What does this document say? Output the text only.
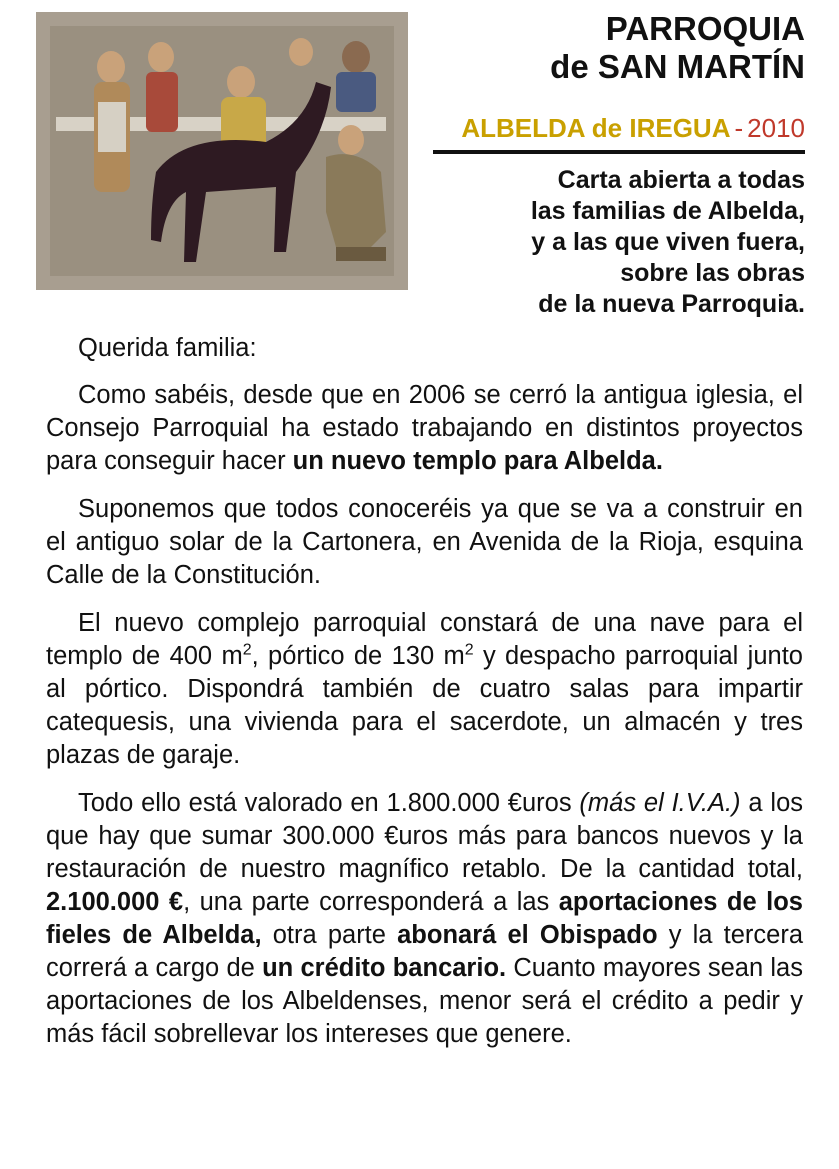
PARROQUIA
de SAN MARTÍN
ALBELDA de IREGUA - 2010
Carta abierta a todas
las familias de Albelda,
y a las que viven fuera,
sobre las obras
de la nueva Parroquia.

Querida familia:

Como sabéis, desde que en 2006 se cerró la antigua iglesia, el Consejo Parroquial ha estado trabajando en distintos proyectos para conseguir hacer un nuevo templo para Albelda.

Suponemos que todos conoceréis ya que se va a construir en el antiguo solar de la Cartonera, en Avenida de la Rioja, esquina Calle de la Constitución.

El nuevo complejo parroquial constará de una nave para el templo de 400 $m^2$, pórtico de 130 $m^2$ y despacho parroquial junto al pórtico. Dispondrá también de cuatro salas para impartir catequesis, una vivienda para el sacerdote, un almacén y tres plazas de garaje.

Todo ello está valorado en 1.800.000 €uros (más el I.V.A.) a los que hay que sumar 300.000 €uros más para bancos nuevos y la restauración de nuestro magnífico retablo. De la cantidad total, 2.100.000 €, una parte corresponderá a las aportaciones de los fieles de Albelda, otra parte abonará el Obispado y la tercera correrá a cargo de un crédito bancario. Cuanto mayores sean las aportaciones de los Albeldenses, menor será el crédito a pedir y más fácil sobrellevar los intereses que genere.
